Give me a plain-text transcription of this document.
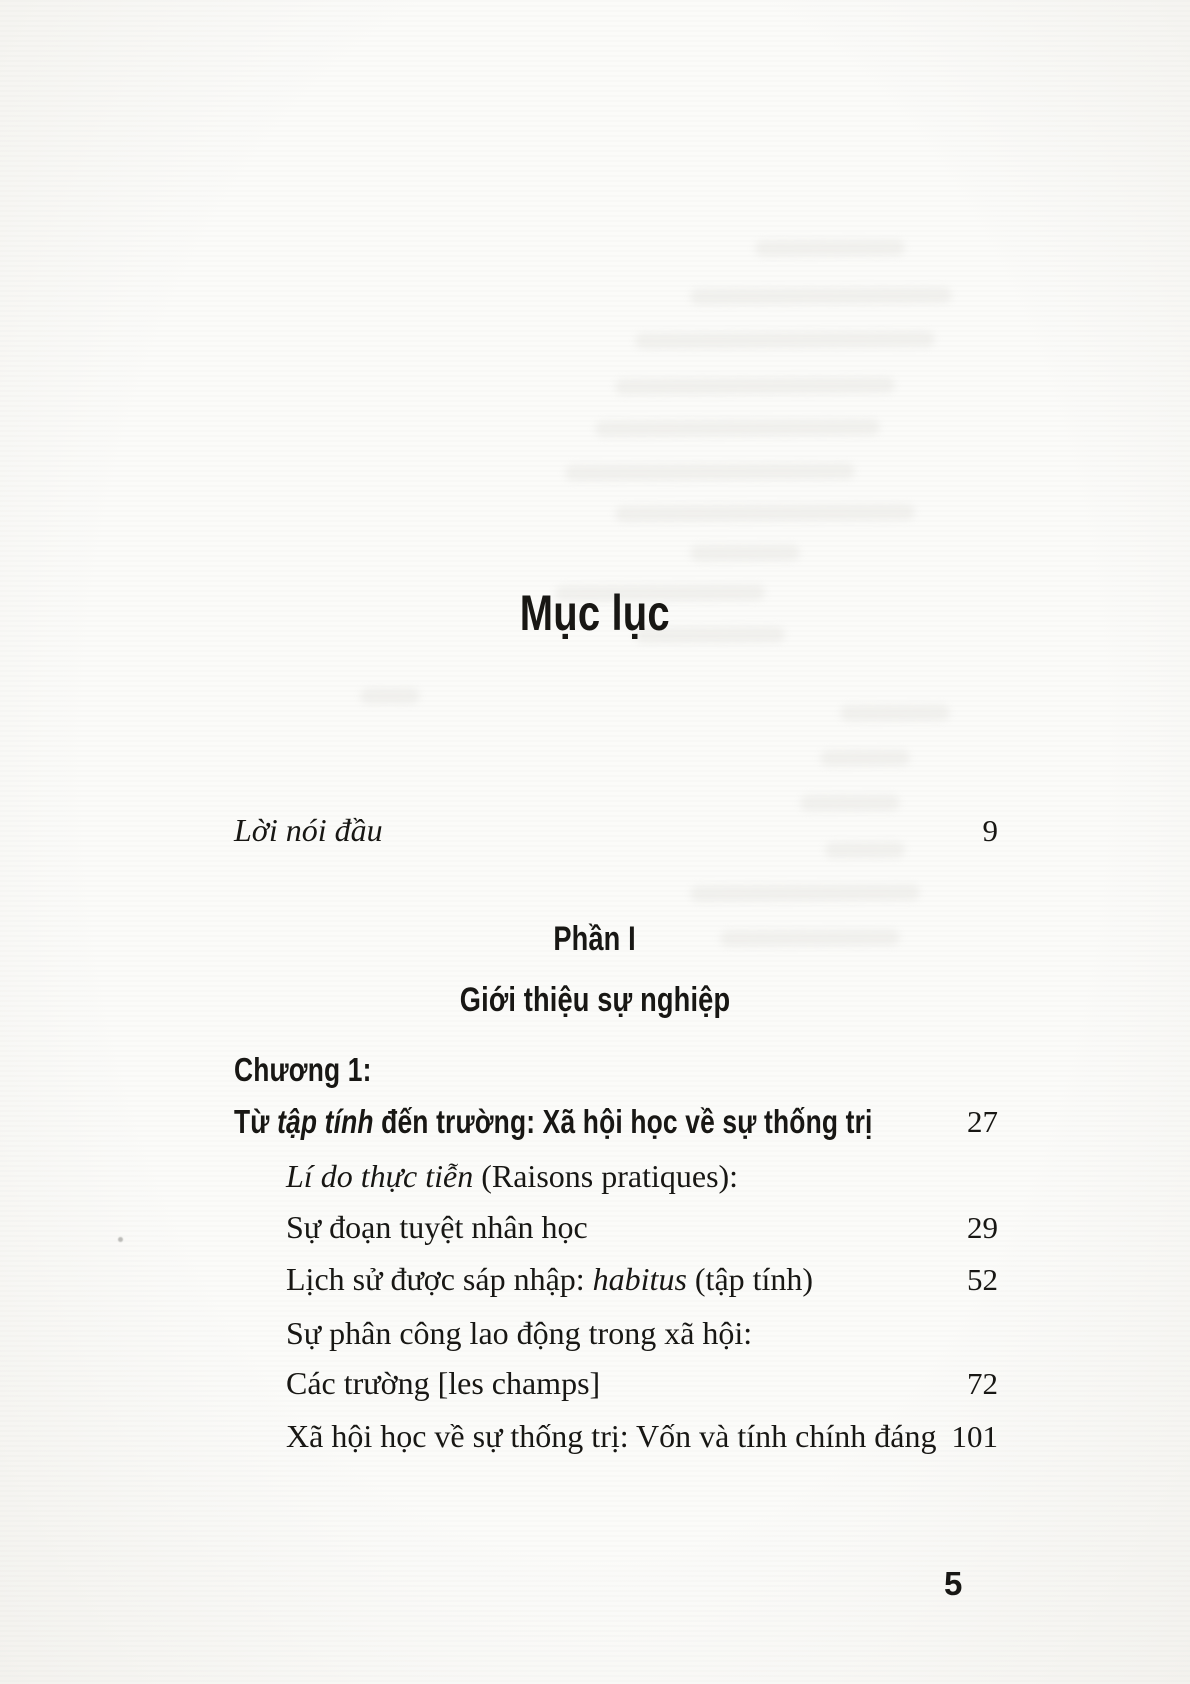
Mục lục
Lời nói đầu	9
Phần I
Giới thiệu sự nghiệp
Chương 1:
Từ tập tính đến trường: Xã hội học về sự thống trị	27
Lí do thực tiễn (Raisons pratiques):
Sự đoạn tuyệt nhân học	29
Lịch sử được sáp nhập: habitus (tập tính)	52
Sự phân công lao động trong xã hội:
Các trường [les champs]	72
Xã hội học về sự thống trị: Vốn và tính chính đáng 101
5
